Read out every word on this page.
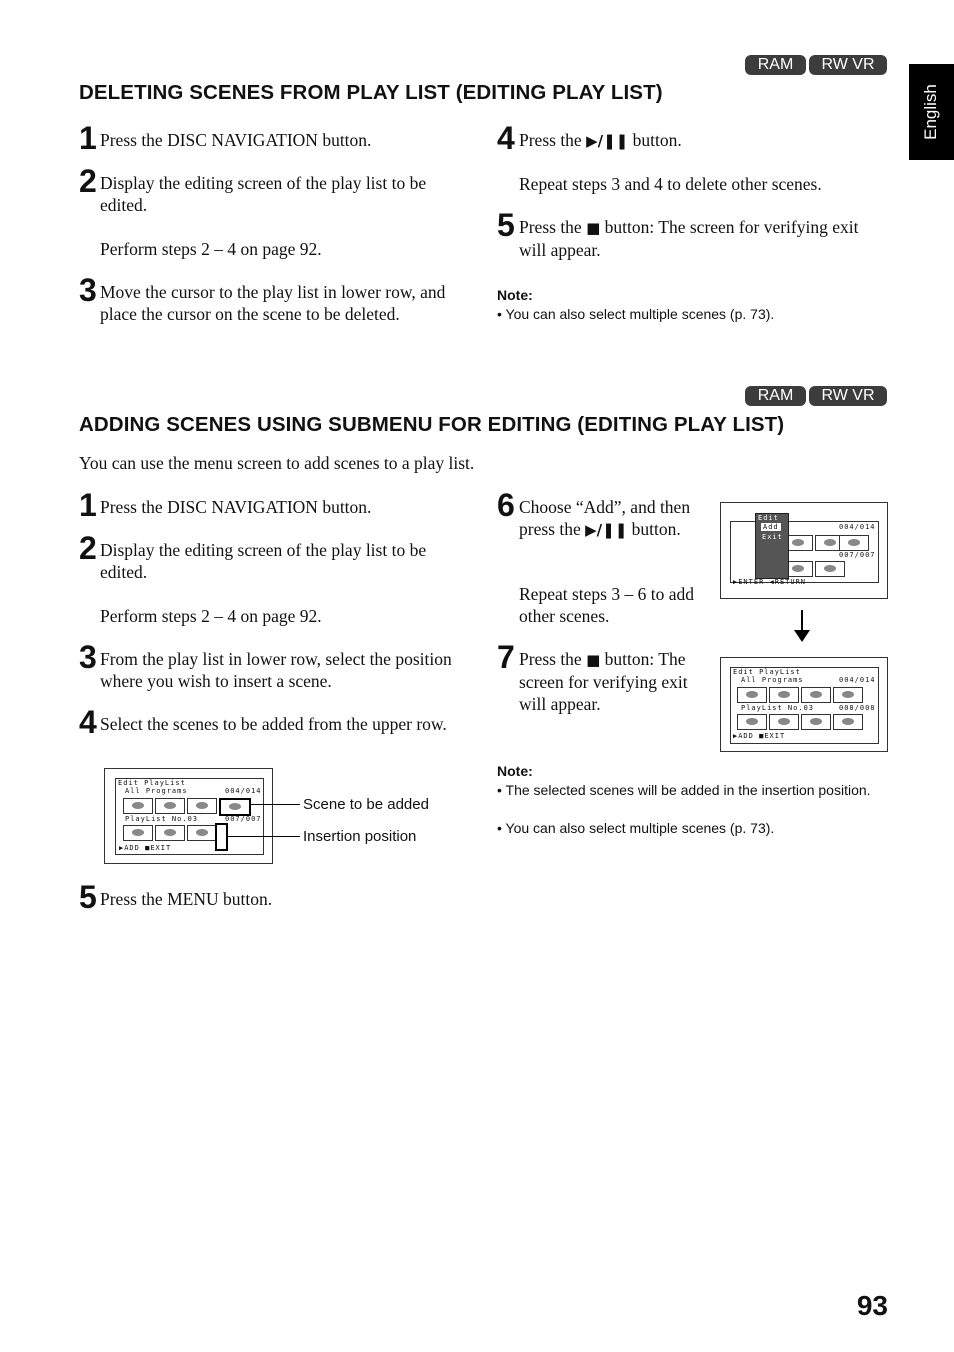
English
RAM	RW VR
DELETING SCENES FROM PLAY LIST (EDITING PLAY LIST)
1 Press the DISC NAVIGATION button.
2 Display the editing screen of the play list to be edited.
Perform steps 2 – 4 on page 92.
3 Move the cursor to the play list in lower row, and place the cursor on the scene to be deleted.
4 Press the ▶/❚❚ button.
Repeat steps 3 and 4 to delete other scenes.
5 Press the ■ button: The screen for verifying exit will appear.
Note:
• You can also select multiple scenes (p. 73).
RAM	RW VR
ADDING SCENES USING SUBMENU FOR EDITING (EDITING PLAY LIST)
You can use the menu screen to add scenes to a play list.
1 Press the DISC NAVIGATION button.
2 Display the editing screen of the play list to be edited.
Perform steps 2 – 4 on page 92.
3 From the play list in lower row, select the position where you wish to insert a scene.
4 Select the scenes to be added from the upper row.
Edit PlayList
All Programs	004/014
PlayList No.03	007/007
▶ADD ■EXIT
Scene to be added
Insertion position
5 Press the MENU button.
6 Choose “Add”, and then press the ▶/❚❚ button.
Repeat steps 3 – 6 to add other scenes.
7 Press the ■ button: The screen for verifying exit will appear.
004/014
007/007
Edit
Add
Exit
▶ENTER ◀RETURN
Edit PlayList
All Programs	004/014
PlayList No.03	008/008
▶ADD ■EXIT
Note:
• The selected scenes will be added in the insertion position.
• You can also select multiple scenes (p. 73).
93
